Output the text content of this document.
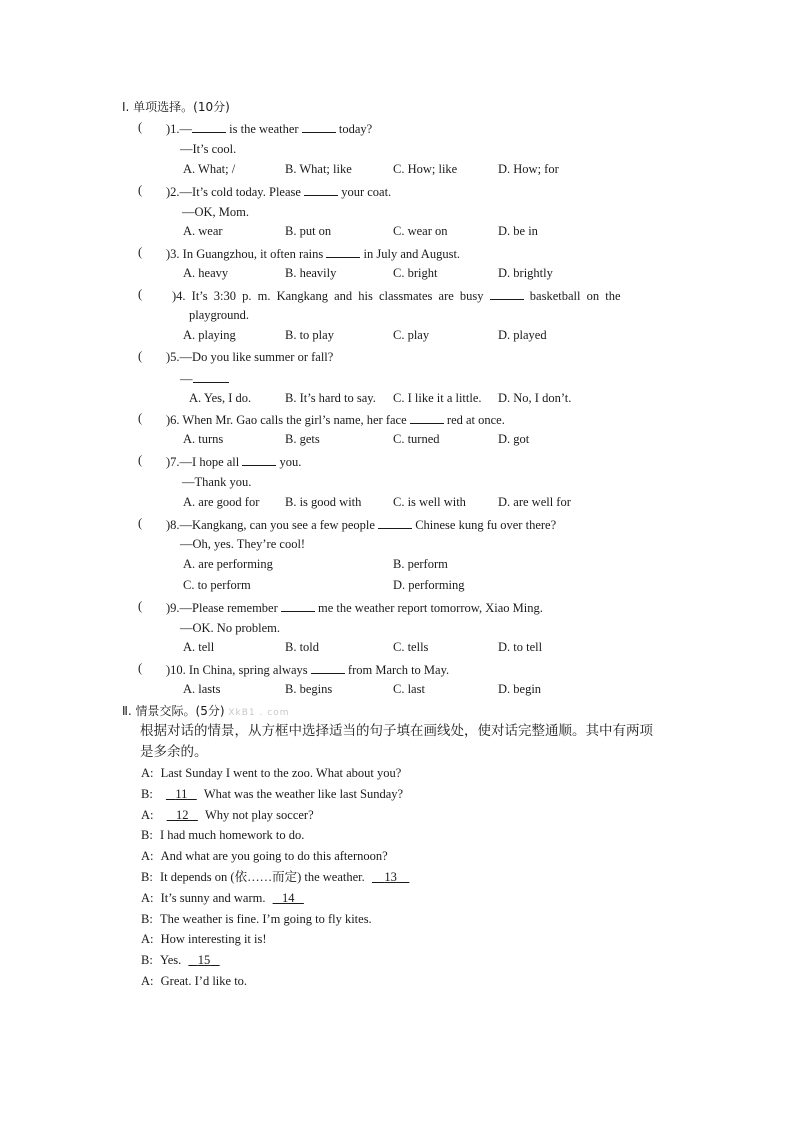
Ⅰ. 单项选择。(10分)
( )1.—	is the weather	today?
—It’s cool.
A. What; /	B. What; like	C. How; like	D. How; for
( )2.—It’s cold today. Please	your coat.
—OK, Mom.
A. wear	B. put on	C. wear on	D. be in
( )3. In Guangzhou, it often rains	in July and August.
A. heavy	B. heavily	C. bright	D. brightly
( )4. It’s 3:30 p. m. Kangkang and his classmates are busy	basketball on the
playground.
A. playing	B. to play	C. play	D. played
( )5.—Do you like summer or fall?
—
A. Yes, I do.	B. It’s hard to say. C. I like it a little. D. No, I don’t.
( )6. When Mr. Gao calls the girl’s name, her face	red at once.
A. turns	B. gets	C. turned	D. got
( )7.—I hope all	you.
—Thank you.
A. are good for B. is good with	C. is well with	D. are well for
( )8.—Kangkang, can you see a few people	Chinese kung fu over there?
—Oh, yes. They’re cool!
A. are performing	B. perform
C. to perform	D. performing
( )9.—Please remember	me the weather report tomorrow, Xiao Ming.
—OK. No problem.
A. tell	B. told	C. tells	D. to tell
( )10. In China, spring always	from March to May.
A. lasts	B. begins	C. last	D. begin
Ⅱ. 情景交际。(5分) XkB1 . com
根据对话的情景，从方框中选择适当的句子填在画线处，使对话完整通顺。其中有两项
是多余的。
A: Last Sunday I went to the zoo. What about you?
B: 11 What was the weather like last Sunday?
A: 12 Why not play soccer?
B: I had much homework to do.
A: And what are you going to do this afternoon?
B: It depends on (依……而定) the weather. 13
A: It’s sunny and warm. 14
B: The weather is fine. I’m going to fly kites.
A: How interesting it is!
B: Yes. 15
A: Great. I’d like to.
